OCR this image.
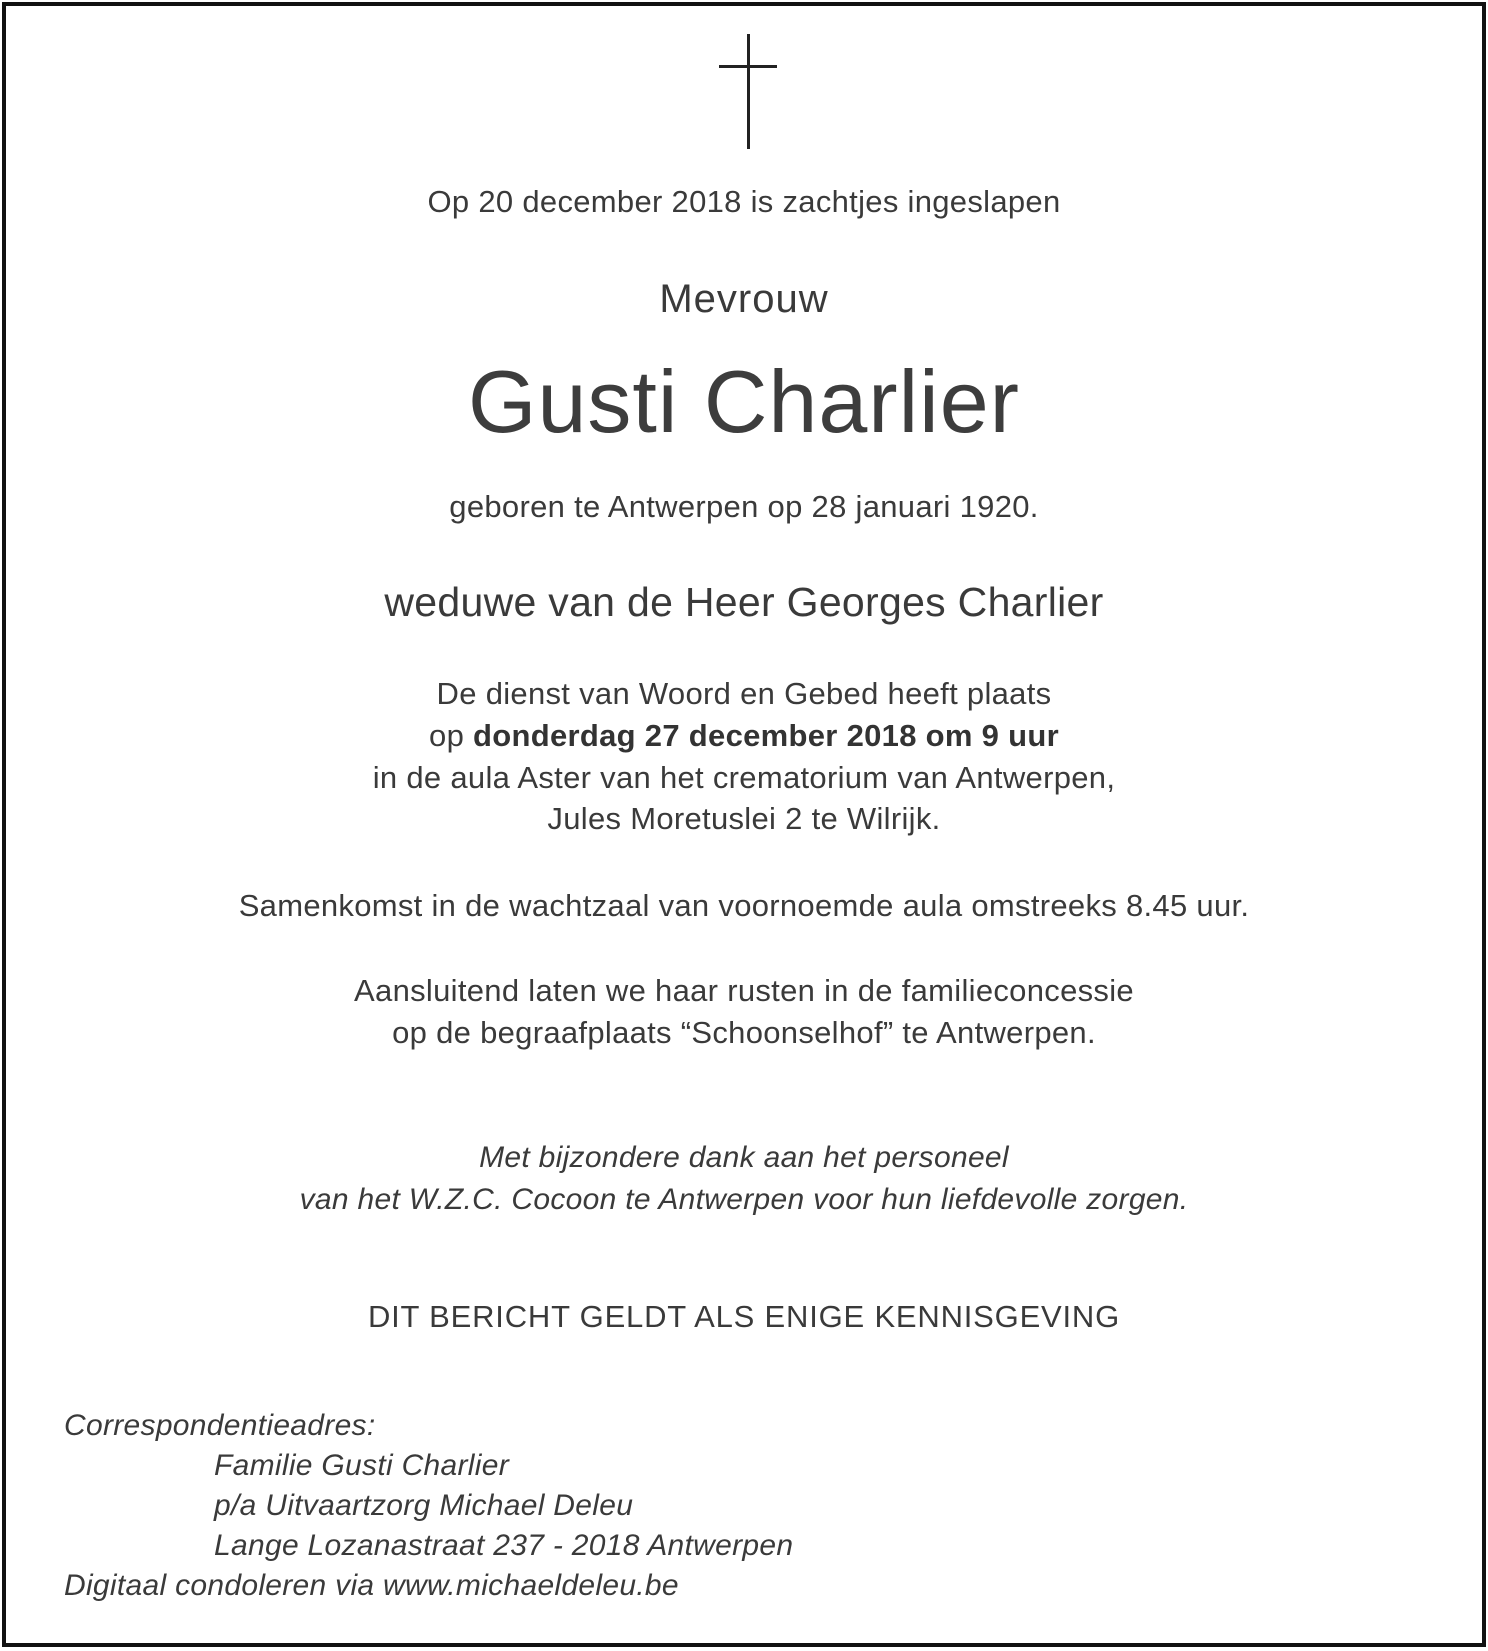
Op 20 december 2018 is zachtjes ingeslapen
Mevrouw
Gusti Charlier
geboren te Antwerpen op 28 januari 1920.
weduwe van de Heer Georges Charlier
De dienst van Woord en Gebed heeft plaats
op donderdag 27 december 2018 om 9 uur
in de aula Aster van het crematorium van Antwerpen,
Jules Moretuslei 2 te Wilrijk.
Samenkomst in de wachtzaal van voornoemde aula omstreeks 8.45 uur.
Aansluitend laten we haar rusten in de familieconcessie
op de begraafplaats “Schoonselhof” te Antwerpen.
Met bijzondere dank aan het personeel
van het W.Z.C. Cocoon te Antwerpen voor hun liefdevolle zorgen.
DIT BERICHT GELDT ALS ENIGE KENNISGEVING
Correspondentieadres:
Familie Gusti Charlier
p/a Uitvaartzorg Michael Deleu
Lange Lozanastraat 237 - 2018 Antwerpen
Digitaal condoleren via www.michaeldeleu.be
